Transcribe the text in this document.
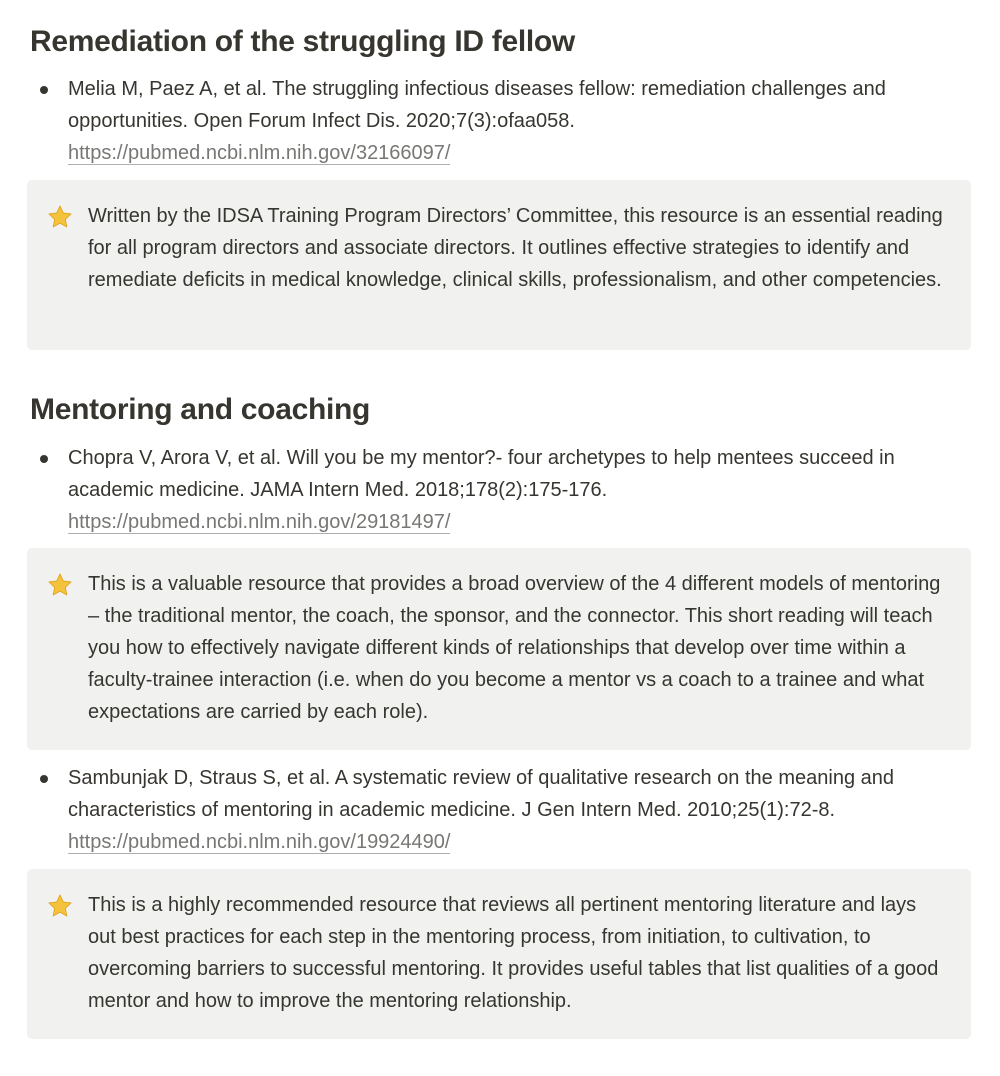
Remediation of the struggling ID fellow
Melia M, Paez A, et al. The struggling infectious diseases fellow: remediation challenges and opportunities. Open Forum Infect Dis. 2020;7(3):ofaa058. https://pubmed.ncbi.nlm.nih.gov/32166097/
Written by the IDSA Training Program Directors’ Committee, this resource is an essential reading for all program directors and associate directors. It outlines effective strategies to identify and remediate deficits in medical knowledge, clinical skills, professionalism, and other competencies.
Mentoring and coaching
Chopra V, Arora V, et al. Will you be my mentor?- four archetypes to help mentees succeed in academic medicine. JAMA Intern Med. 2018;178(2):175-176. https://pubmed.ncbi.nlm.nih.gov/29181497/
This is a valuable resource that provides a broad overview of the 4 different models of mentoring – the traditional mentor, the coach, the sponsor, and the connector. This short reading will teach you how to effectively navigate different kinds of relationships that develop over time within a faculty-trainee interaction (i.e. when do you become a mentor vs a coach to a trainee and what expectations are carried by each role).
Sambunjak D, Straus S, et al. A systematic review of qualitative research on the meaning and characteristics of mentoring in academic medicine. J Gen Intern Med. 2010;25(1):72-8. https://pubmed.ncbi.nlm.nih.gov/19924490/
This is a highly recommended resource that reviews all pertinent mentoring literature and lays out best practices for each step in the mentoring process, from initiation, to cultivation, to overcoming barriers to successful mentoring. It provides useful tables that list qualities of a good mentor and how to improve the mentoring relationship.
